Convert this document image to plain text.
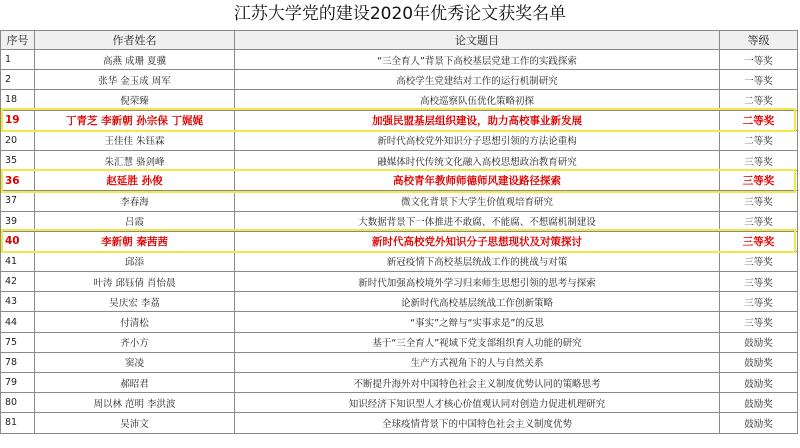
江苏大学党的建设2020年优秀论文获奖名单
序号	作者姓名	论文题目	等级
1	高燕 成珊 夏骥	“三全育人”背景下高校基层党建工作的实践探索	一等奖
2	张华 金玉成 周军	高校学生党建结对工作的运行机制研究	一等奖
18	倪荣臻	高校巡察队伍优化策略初探	二等奖
19	丁青芝 李新朝 孙宗保 丁娓娓	加强民盟基层组织建设，助力高校事业新发展	二等奖
20	王佳佳 朱钰霖	新时代高校党外知识分子思想引领的方法论重构	二等奖
35	朱汇慧 骆剑峰	融媒体时代传统文化融入高校思想政治教育研究	三等奖
36	赵延胜 孙俊	高校青年教师师德师风建设路径探索	三等奖
37	李春海	微文化背景下大学生价值观培育研究	三等奖
39	吕霞	大数据背景下一体推进不敢腐、不能腐、不想腐机制建设	三等奖
40	李新朝 秦茜茜	新时代高校党外知识分子思想现状及对策探讨	三等奖
41	邱添	新冠疫情下高校基层统战工作的挑战与对策	三等奖
42	叶涛 邱钰倩 肖怡晨	新时代加强高校境外学习归来师生思想引领的思考与探索	三等奖
43	吴庆宏 李荔	论新时代高校基层统战工作创新策略	三等奖
44	付清松	“事实”之辩与“实事求是”的反思	三等奖
75	齐小方	基于“三全育人”视域下党支部组织育人功能的研究	鼓励奖
78	窦凌	生产方式视角下的人与自然关系	鼓励奖
79	郝昭君	不断提升海外对中国特色社会主义制度优势认同的策略思考	鼓励奖
80	周以林 范明 李洪波	知识经济下知识型人才核心价值观认同对创造力促进机理研究	鼓励奖
81	吴沛文	全球疫情背景下的中国特色社会主义制度优势	鼓励奖
